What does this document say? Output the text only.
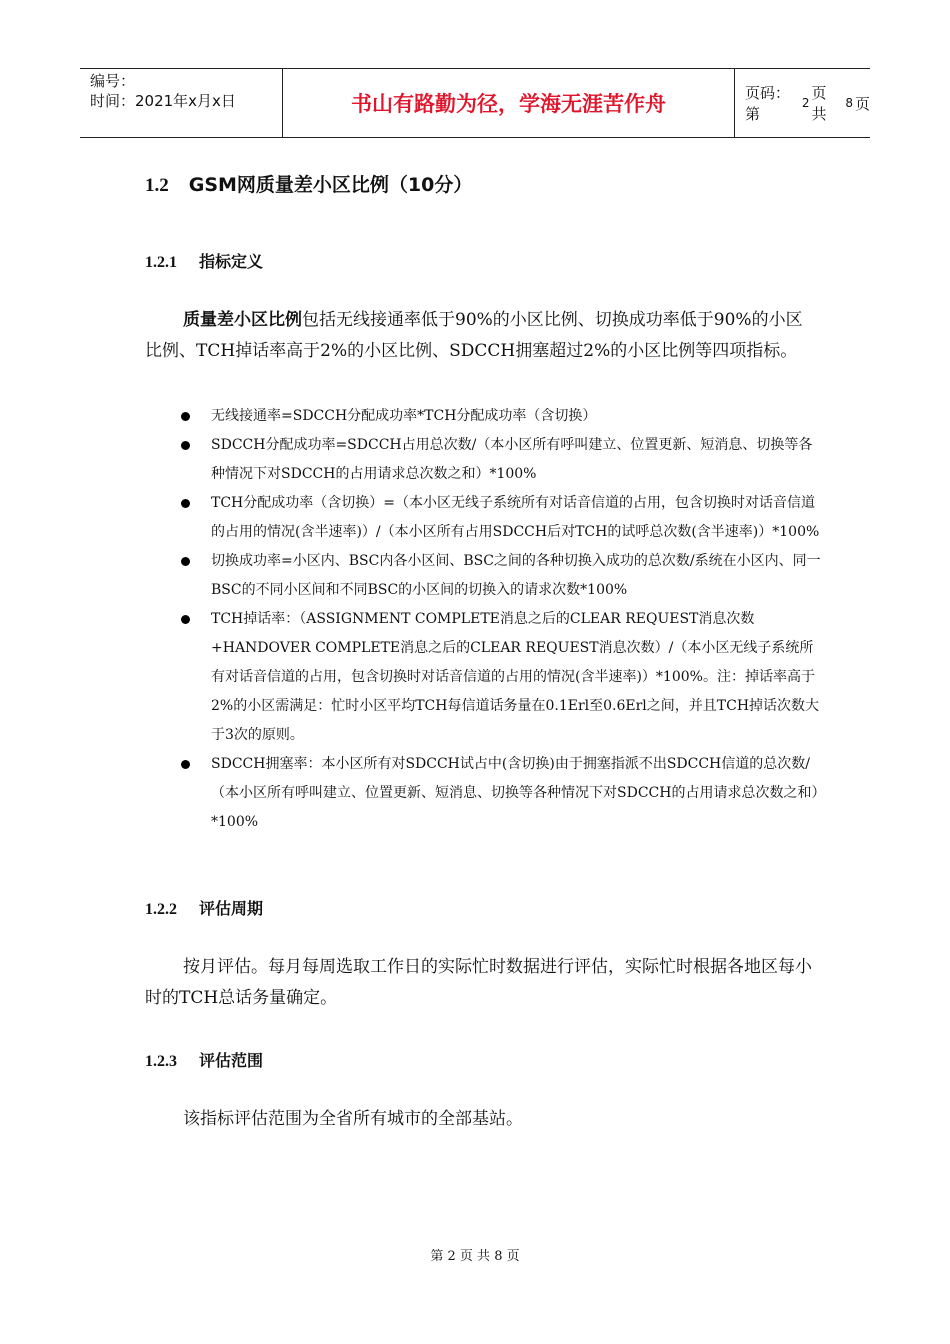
编号：
时间：2021年x月x日	书山有路勤为径，学海无涯苦作舟	页码：第
2
页 共
8 页
1.2 GSM网质量差小区比例（10分）
1.2.1 指标定义
质量差小区比例包括无线接通率低于90%的小区比例、切换成功率低于90%的小区比例、TCH掉话率高于2%的小区比例、SDCCH拥塞超过2%的小区比例等四项指标。
无线接通率=SDCCH分配成功率*TCH分配成功率（含切换）
SDCCH分配成功率=SDCCH占用总次数/（本小区所有呼叫建立、位置更新、短消息、切换等各种情况下对SDCCH的占用请求总次数之和）*100%
TCH分配成功率（含切换）=（本小区无线子系统所有对话音信道的占用，包含切换时对话音信道的占用的情况(含半速率)）/（本小区所有占用SDCCH后对TCH的试呼总次数(含半速率)）*100%
切换成功率=小区内、BSC内各小区间、BSC之间的各种切换入成功的总次数/系统在小区内、同一BSC的不同小区间和不同BSC的小区间的切换入的请求次数*100%
TCH掉话率：（ASSIGNMENT COMPLETE消息之后的CLEAR REQUEST消息次数+HANDOVER COMPLETE消息之后的CLEAR REQUEST消息次数）/（本小区无线子系统所有对话音信道的占用，包含切换时对话音信道的占用的情况(含半速率)）*100%。注：掉话率高于2%的小区需满足：忙时小区平均TCH每信道话务量在0.1Erl至0.6Erl之间，并且TCH掉话次数大于3次的原则。
SDCCH拥塞率：本小区所有对SDCCH试占中(含切换)由于拥塞指派不出SDCCH信道的总次数/（本小区所有呼叫建立、位置更新、短消息、切换等各种情况下对SDCCH的占用请求总次数之和）*100%
1.2.2 评估周期
按月评估。每月每周选取工作日的实际忙时数据进行评估，实际忙时根据各地区每小时的TCH总话务量确定。
1.2.3 评估范围
该指标评估范围为全省所有城市的全部基站。
第 2 页 共 8 页
